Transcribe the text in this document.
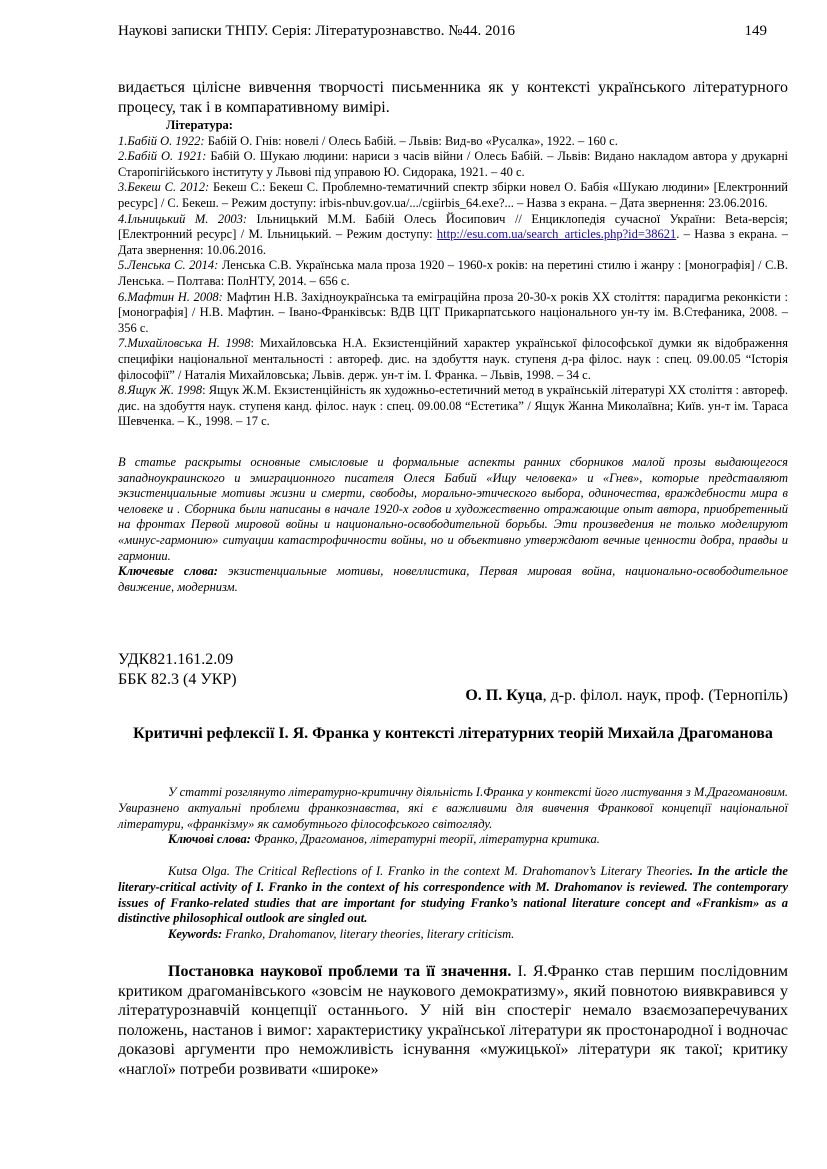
Наукові записки ТНПУ. Серія: Літературознавство. №44. 2016	149
видається цілісне вивчення творчості письменника як у контексті українського літературного процесу, так і в компаративному вимірі.
Література:

1.Бабій О. 1922: Бабій О. Гнів: новелі / Олесь Бабій. – Львів: Вид-во «Русалка», 1922. – 160 с.

2.Бабій О. 1921: Бабій О. Шукаю людини: нариси з часів війни / Олесь Бабій. – Львів: Видано накладом автора у друкарні Старопігійського інституту у Львові під управою Ю. Сидорака, 1921. – 40 с.

3.Бекеш С. 2012: Бекеш С.: Бекеш С. Проблемно-тематичний спектр збірки новел О. Бабія «Шукаю людини» [Електронний ресурс] / С. Бекеш. – Режим доступу: irbis-nbuv.gov.ua/.../cgiirbis_64.exe?... – Назва з екрана. – Дата звернення: 23.06.2016.

4.Ільницький М. 2003: Ільницький М.М. Бабій Олесь Йосипович // Енциклопедія сучасної України: Beta-версія; [Електронний ресурс] / М. Ільницький. – Режим доступу: http://esu.com.ua/search_articles.php?id=38621. – Назва з екрана. – Дата звернення: 10.06.2016.

5.Ленська С. 2014: Ленська С.В. Українська мала проза 1920 – 1960-х років: на перетині стилю і жанру : [монографія] / С.В. Ленська. – Полтава: ПолНТУ, 2014. – 656 с.

6.Мафтин Н. 2008: Мафтин Н.В. Західноукраїнська та еміграційна проза 20-30-х років ХХ століття: парадигма реконкісти : [монографія] / Н.В. Мафтин. – Івано-Франківськ: ВДВ ЦІТ Прикарпатського національного ун-ту ім. В.Стефаника, 2008. – 356 с.

7.Михайловська Н. 1998: Михайловська Н.А. Екзистенційний характер української філософської думки як відображення специфіки національної ментальності : автореф. дис. на здобуття наук. ступеня д-ра філос. наук : спец. 09.00.05 “Історія філософії” / Наталія Михайловська; Львів. держ. ун-т ім. І. Франка. – Львів, 1998. – 34 с.

8.Ящук Ж. 1998: Ящук Ж.М. Екзистенційність як художньо-естетичний метод в українській літературі ХХ століття : автореф. дис. на здобуття наук. ступеня канд. філос. наук : спец. 09.00.08 “Естетика” / Ящук Жанна Миколаївна; Київ. ун-т ім. Тараса Шевченка. – К., 1998. – 17 с.

В статье раскрыты основные смысловые и формальные аспекты ранних сборников малой прозы выдающегося западноукраинского и эмиграционного писателя Олеся Бабий «Ищу человека» и «Гнев», которые представляют экзистенциальные мотивы жизни и смерти, свободы, морально-этического выбора, одиночества, враждебности мира в человеке и . Сборника были написаны в начале 1920-х годов и художественно отражающие опыт автора, приобретенный на фронтах Первой мировой войны и национально-освободительной борьбы. Эти произведения не только моделируют «минус-гармонию» ситуации катастрофичности войны, но и объективно утверждают вечные ценности добра, правды и гармонии.

Ключевые слова: экзистенциальные мотивы, новеллистика, Первая мировая война, национально-освободительное движение, модернизм.

УДК821.161.2.09
ББК 82.3 (4 УКР)
О. П. Куца, д-р. філол. наук, проф. (Тернопіль)
Критичні рефлексії І. Я. Франка у контексті літературних теорій Михайла Драгоманова

У статті розглянуто літературно-критичну діяльність І.Франка у контексті його листування з М.Драгомановим. Увиразнено актуальні проблеми франкознавства, які є важливими для вивчення Франкової концепції національної літератури, «франкізму» як самобутнього філософського світогляду.

Ключові слова: Франко, Драгоманов, літературні теорії, літературна критика.

Kutsa Olga. The Critical Reflections of I. Franko in the context M. Drahomanov’s Literary Theories. In the article the literary-critical activity of I. Franko in the context of his correspondence with M. Drahomanov is reviewed. The contemporary issues of Franko-related studies that are important for studying Franko’s national literature concept and «Frankism» as a distinctive philosophical outlook are singled out.

Keywords: Franko, Drahomanov, literary theories, literary criticism.

Постановка наукової проблеми та її значення. І. Я.Франко став першим послідовним критиком драгоманівського «зовсім не наукового демократизму», який повнотою виявкравився у літературознавчій концепції останнього. У ній він спостеріг немало взаємозаперечуваних положень, настанов і вимог: характеристику української літератури як простонародної і водночас доказові аргументи про неможливість існування «мужицької» літератури як такої; критику «наглої» потреби розвивати «широке»
